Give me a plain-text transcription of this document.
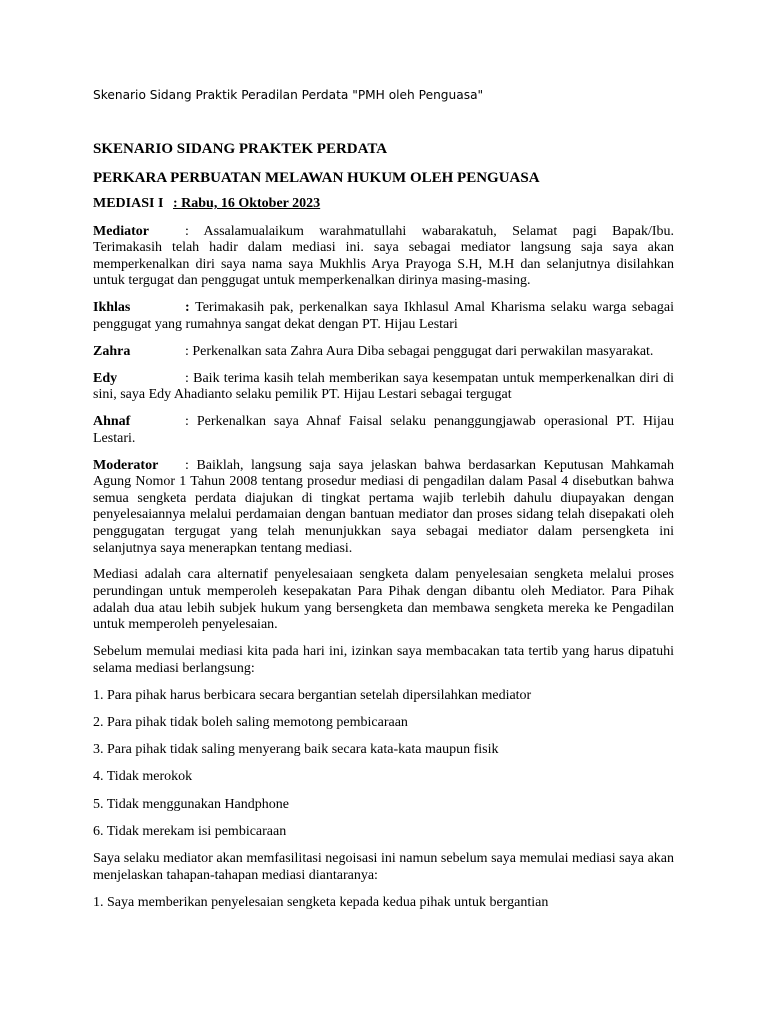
Skenario Sidang Praktik Peradilan Perdata "PMH oleh Penguasa"
SKENARIO SIDANG PRAKTEK PERDATA
PERKARA PERBUATAN MELAWAN HUKUM OLEH PENGUASA
MEDIASI I : Rabu, 16 Oktober 2023

Mediator	: Assalamualaikum warahmatullahi wabarakatuh, Selamat pagi Bapak/Ibu. Terimakasih telah hadir dalam mediasi ini. saya sebagai mediator langsung saja saya akan memperkenalkan diri saya nama saya Mukhlis Arya Prayoga S.H, M.H dan selanjutnya disilahkan untuk tergugat dan penggugat untuk memperkenalkan dirinya masing-masing.

Ikhlas	: Terimakasih pak, perkenalkan saya Ikhlasul Amal Kharisma selaku warga sebagai penggugat yang rumahnya sangat dekat dengan PT. Hijau Lestari

Zahra	: Perkenalkan sata Zahra Aura Diba sebagai penggugat dari perwakilan masyarakat.

Edy	: Baik terima kasih telah memberikan saya kesempatan untuk memperkenalkan diri di sini, saya Edy Ahadianto selaku pemilik PT. Hijau Lestari sebagai tergugat

Ahnaf	: Perkenalkan saya Ahnaf Faisal selaku penanggungjawab operasional PT. Hijau Lestari.

Moderator : Baiklah, langsung saja saya jelaskan bahwa berdasarkan Keputusan Mahkamah Agung Nomor 1 Tahun 2008 tentang prosedur mediasi di pengadilan dalam Pasal 4 disebutkan bahwa semua sengketa perdata diajukan di tingkat pertama wajib terlebih dahulu diupayakan dengan penyelesaiannya melalui perdamaian dengan bantuan mediator dan proses sidang telah disepakati oleh penggugatan tergugat yang telah menunjukkan saya sebagai mediator dalam persengketa ini selanjutnya saya menerapkan tentang mediasi.

Mediasi adalah cara alternatif penyelesaiaan sengketa dalam penyelesaian sengketa melalui proses perundingan untuk memperoleh kesepakatan Para Pihak dengan dibantu oleh Mediator. Para Pihak adalah dua atau lebih subjek hukum yang bersengketa dan membawa sengketa mereka ke Pengadilan untuk memperoleh penyelesaian.

Sebelum memulai mediasi kita pada hari ini, izinkan saya membacakan tata tertib yang harus dipatuhi selama mediasi berlangsung:

1. Para pihak harus berbicara secara bergantian setelah dipersilahkan mediator

2. Para pihak tidak boleh saling memotong pembicaraan

3. Para pihak tidak saling menyerang baik secara kata-kata maupun fisik

4. Tidak merokok

5. Tidak menggunakan Handphone

6. Tidak merekam isi pembicaraan

Saya selaku mediator akan memfasilitasi negoisasi ini namun sebelum saya memulai mediasi saya akan menjelaskan tahapan-tahapan mediasi diantaranya:

1. Saya memberikan penyelesaian sengketa kepada kedua pihak untuk bergantian
